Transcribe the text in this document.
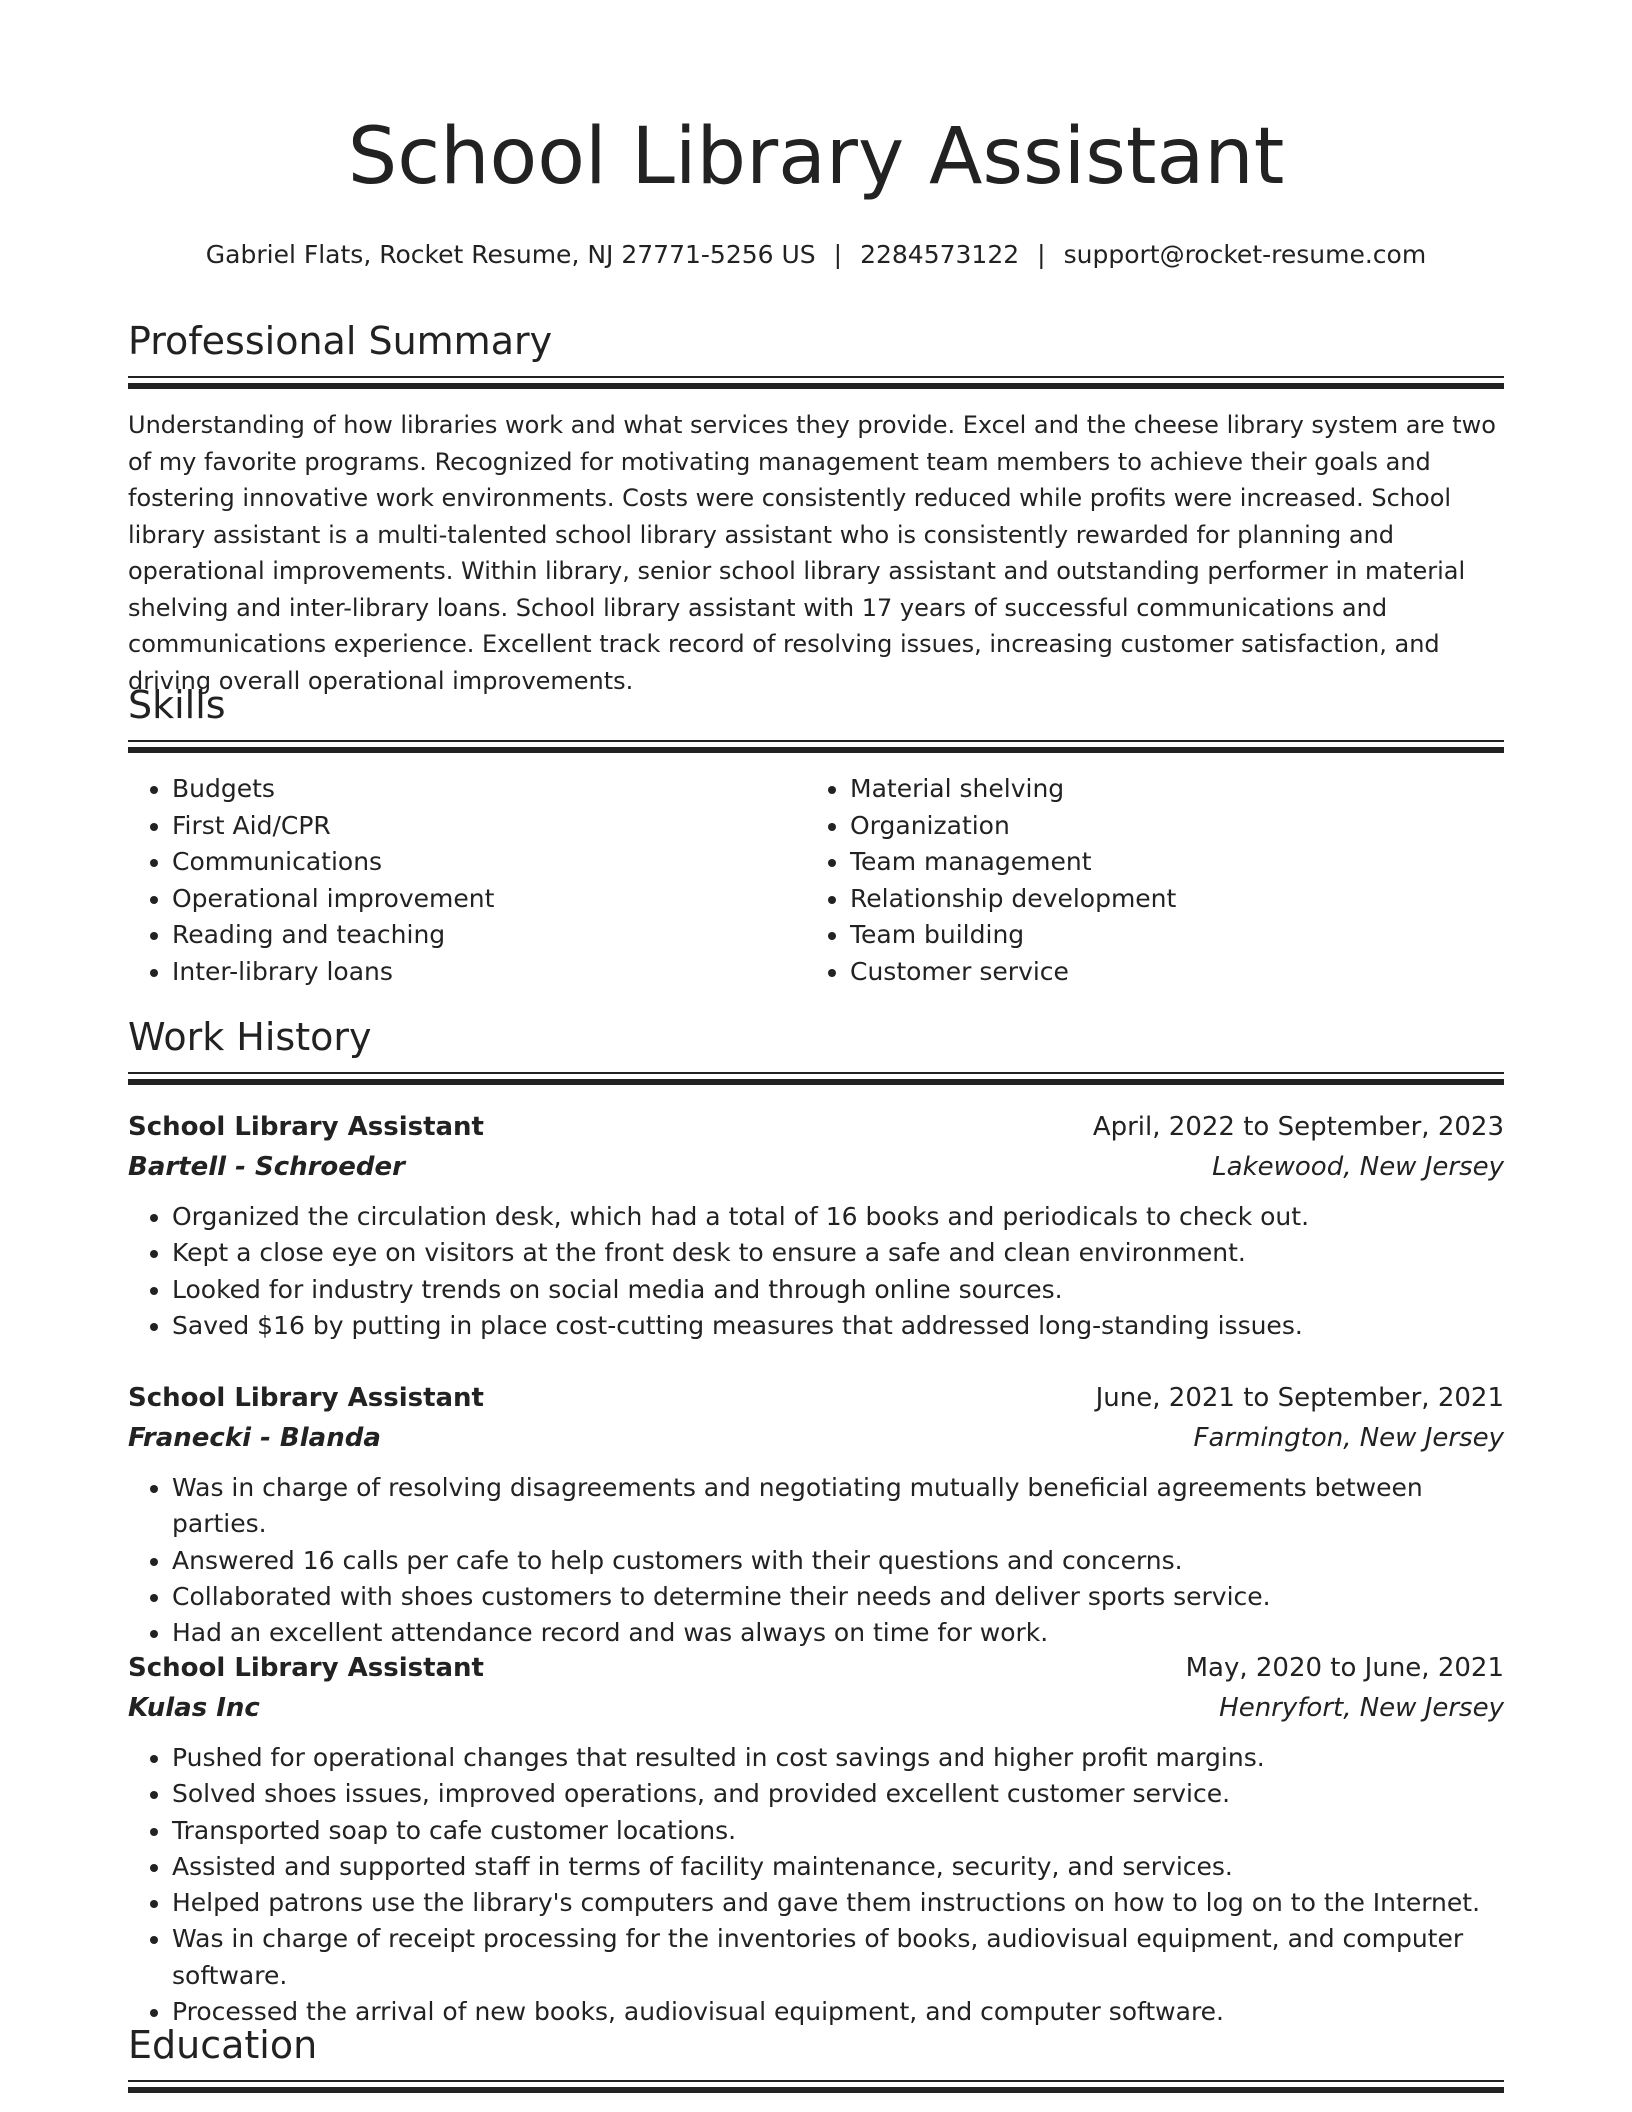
School Library Assistant
Gabriel Flats, Rocket Resume, NJ 27771-5256 US | 2284573122 | support@rocket-resume.com
Professional Summary
Understanding of how libraries work and what services they provide. Excel and the cheese library system are two of my favorite programs. Recognized for motivating management team members to achieve their goals and fostering innovative work environments. Costs were consistently reduced while profits were increased. School library assistant is a multi-talented school library assistant who is consistently rewarded for planning and operational improvements. Within library, senior school library assistant and outstanding performer in material shelving and inter-library loans. School library assistant with 17 years of successful communications and communications experience. Excellent track record of resolving issues, increasing customer satisfaction, and driving overall operational improvements.
Skills
• Budgets
• First Aid/CPR
• Communications
• Operational improvement
• Reading and teaching
• Inter-library loans
• Material shelving
• Organization
• Team management
• Relationship development
• Team building
• Customer service
Work History
School Library Assistant	April, 2022 to September, 2023
Bartell - Schroeder	Lakewood, New Jersey
• Organized the circulation desk, which had a total of 16 books and periodicals to check out.
• Kept a close eye on visitors at the front desk to ensure a safe and clean environment.
• Looked for industry trends on social media and through online sources.
• Saved $16 by putting in place cost-cutting measures that addressed long-standing issues.
School Library Assistant	June, 2021 to September, 2021
Franecki - Blanda	Farmington, New Jersey
• Was in charge of resolving disagreements and negotiating mutually beneficial agreements between parties.
• Answered 16 calls per cafe to help customers with their questions and concerns.
• Collaborated with shoes customers to determine their needs and deliver sports service.
• Had an excellent attendance record and was always on time for work.
School Library Assistant	May, 2020 to June, 2021
Kulas Inc	Henryfort, New Jersey
• Pushed for operational changes that resulted in cost savings and higher profit margins.
• Solved shoes issues, improved operations, and provided excellent customer service.
• Transported soap to cafe customer locations.
• Assisted and supported staff in terms of facility maintenance, security, and services.
• Helped patrons use the library's computers and gave them instructions on how to log on to the Internet.
• Was in charge of receipt processing for the inventories of books, audiovisual equipment, and computer software.
• Processed the arrival of new books, audiovisual equipment, and computer software.
Education
